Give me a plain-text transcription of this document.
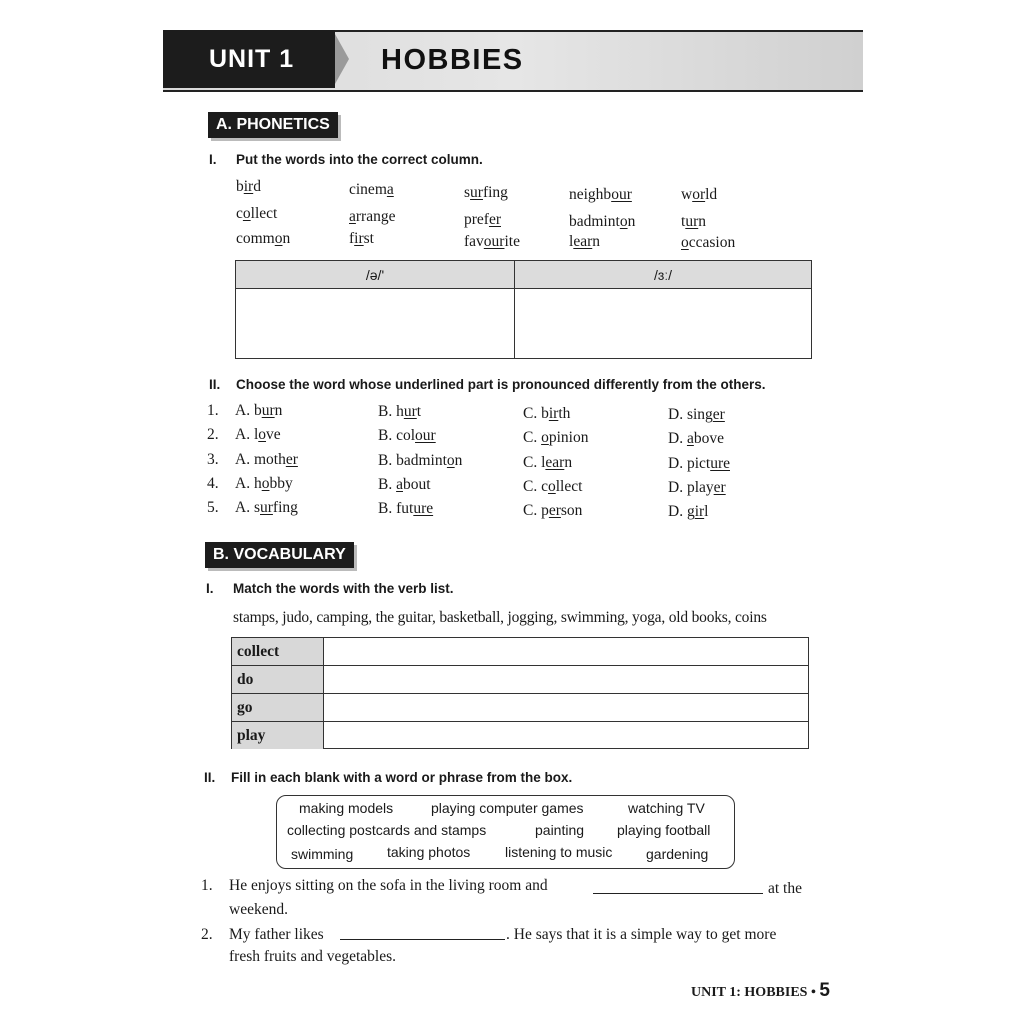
UNIT 1	HOBBIES
A. PHONETICS
I. Put the words into the correct column.
bird	cinema	surfing	neighbour	world
collect	arrange	prefer	badminton	turn
common	first	favourite	learn	occasion
/ə/'	/ɜː/

II. Choose the word whose underlined part is pronounced differently from the others.
1. A. burn	B. hurt	C. birth	D. singer
2. A. love	B. colour	C. opinion	D. above
3. A. mother	B. badminton	C. learn	D. picture
4. A. hobby	B. about	C. collect	D. player
5. A. surfing	B. future	C. person	D. girl
B. VOCABULARY
I. Match the words with the verb list.
stamps, judo, camping, the guitar, basketball, jogging, swimming, yoga, old books, coins
collect
do
go
play
II. Fill in each blank with a word or phrase from the box.
making models	playing computer games	watching TV
collecting postcards and stamps	painting playing football
swimming taking photos listening to music gardening
1. He enjoys sitting on the sofa in the living room and	at the
weekend.
2. My father likes	. He says that it is a simple way to get more
fresh fruits and vegetables.
UNIT 1: HOBBIES • 5
